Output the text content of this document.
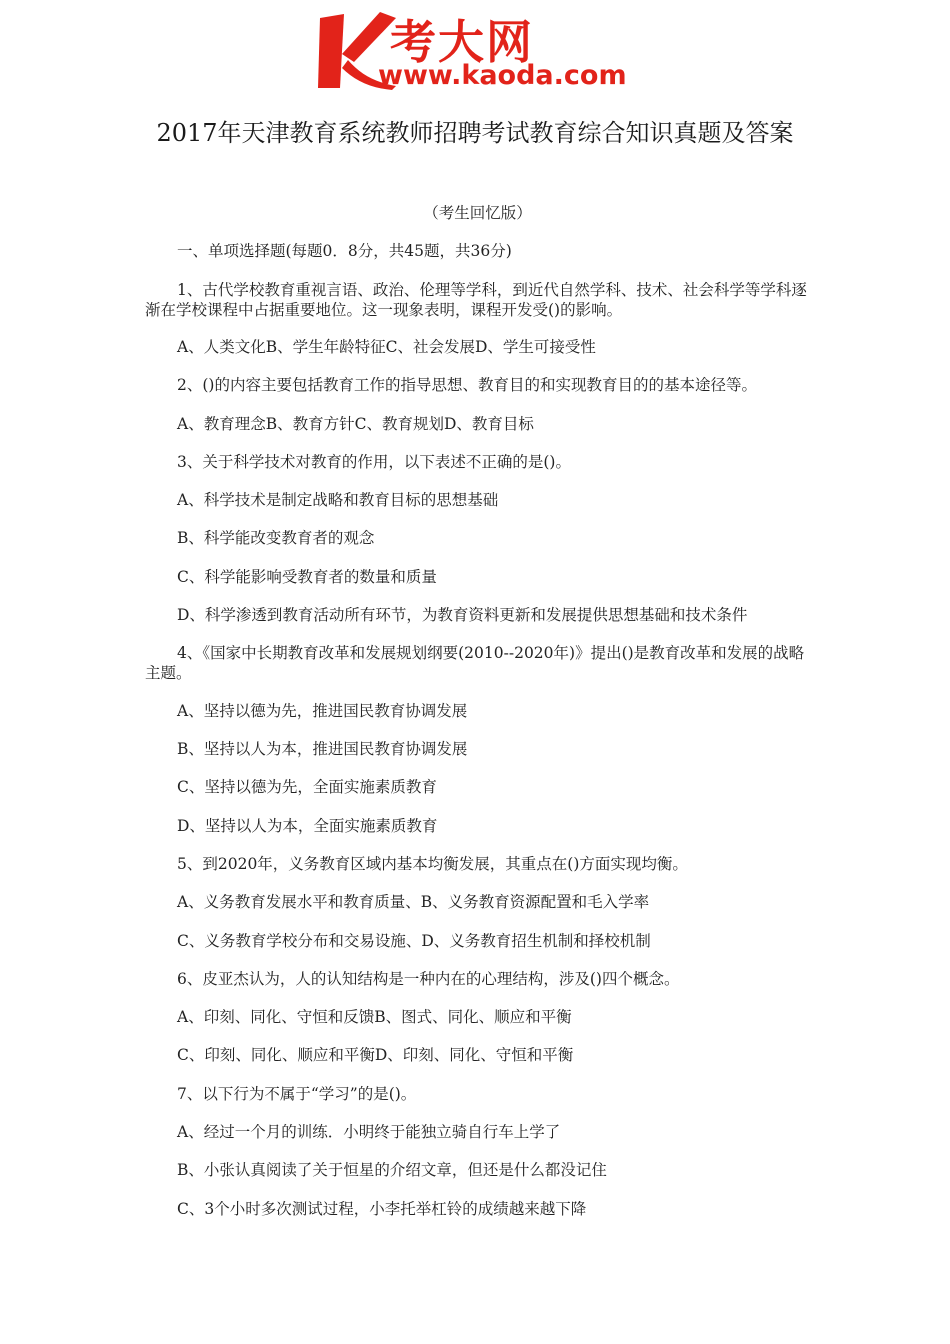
考大网
www.kaoda.com
2017年天津教育系统教师招聘考试教育综合知识真题及答案
（考生回忆版）
一、单项选择题(每题0．8分，共45题，共36分)
1、古代学校教育重视言语、政治、伦理等学科，到近代自然学科、技术、社会科学等学科逐渐在学校课程中占据重要地位。这一现象表明，课程开发受()的影响。
A、人类文化B、学生年龄特征C、社会发展D、学生可接受性
2、()的内容主要包括教育工作的指导思想、教育目的和实现教育目的的基本途径等。
A、教育理念B、教育方针C、教育规划D、教育目标
3、关于科学技术对教育的作用，以下表述不正确的是()。
A、科学技术是制定战略和教育目标的思想基础
B、科学能改变教育者的观念
C、科学能影响受教育者的数量和质量
D、科学渗透到教育活动所有环节，为教育资料更新和发展提供思想基础和技术条件
4、《国家中长期教育改革和发展规划纲要(2010--2020年)》提出()是教育改革和发展的战略主题。
A、坚持以德为先，推进国民教育协调发展
B、坚持以人为本，推进国民教育协调发展
C、坚持以德为先，全面实施素质教育
D、坚持以人为本，全面实施素质教育
5、到2020年，义务教育区域内基本均衡发展，其重点在()方面实现均衡。
A、义务教育发展水平和教育质量、B、义务教育资源配置和毛入学率
C、义务教育学校分布和交易设施、D、义务教育招生机制和择校机制
6、皮亚杰认为，人的认知结构是一种内在的心理结构，涉及()四个概念。
A、印刻、同化、守恒和反馈B、图式、同化、顺应和平衡
C、印刻、同化、顺应和平衡D、印刻、同化、守恒和平衡
7、以下行为不属于“学习”的是()。
A、经过一个月的训练．小明终于能独立骑自行车上学了
B、小张认真阅读了关于恒星的介绍文章，但还是什么都没记住
C、3个小时多次测试过程，小李托举杠铃的成绩越来越下降
